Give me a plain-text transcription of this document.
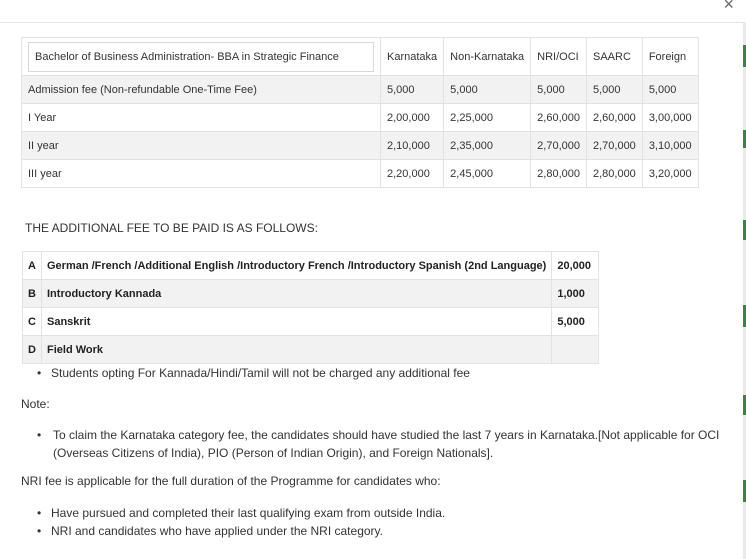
×
Bachelor of Business Administration- BBA in Strategic Finance	Karnataka	Non-Karnataka	NRI/OCI	SAARC	Foreign
Admission fee (Non-refundable One-Time Fee)	5,000	5,000	5,000	5,000	5,000
I Year	2,00,000	2,25,000	2,60,000	2,60,000	3,00,000
II year	2,10,000	2,35,000	2,70,000	2,70,000	3,10,000
III year	2,20,000	2,45,000	2,80,000	2,80,000	3,20,000
THE ADDITIONAL FEE TO BE PAID IS AS FOLLOWS:
A	German /French /Additional English /Introductory French /Introductory Spanish (2nd Language)	20,000
B	Introductory Kannada	1,000
C	Sanskrit	5,000
D	Field Work	
• Students opting For Kannada/Hindi/Tamil will not be charged any additional fee
Note:
• To claim the Karnataka category fee, the candidates should have studied the last 7 years in Karnataka.[Not applicable for OCI (Overseas Citizens of India), PIO (Person of Indian Origin), and Foreign Nationals].
NRI fee is applicable for the full duration of the Programme for candidates who:
• Have pursued and completed their last qualifying exam from outside India.
• NRI and candidates who have applied under the NRI category.
